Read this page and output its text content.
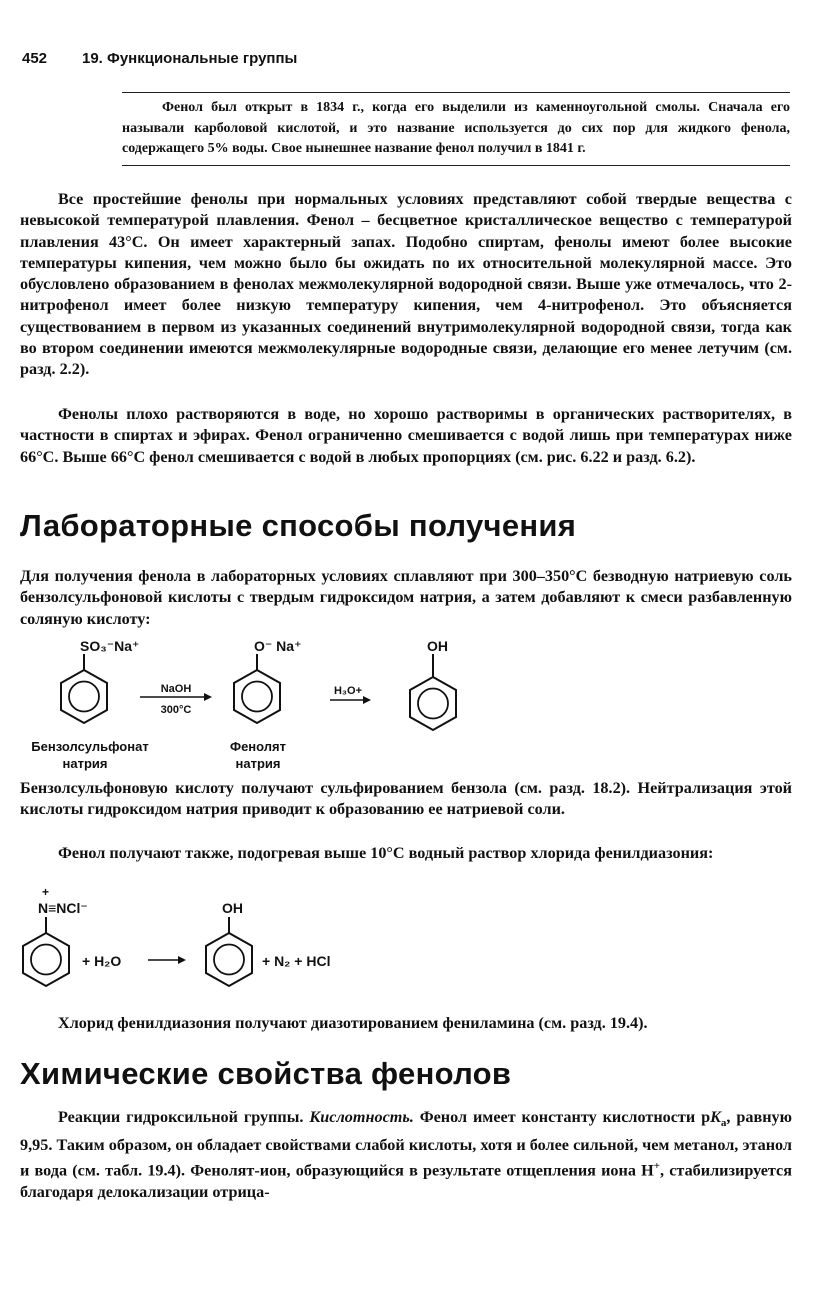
452 19. Функциональные группы

Фенол был открыт в 1834 г., когда его выделили из каменноугольной смолы. Сначала его называли карболовой кислотой, и это название используется до сих пор для жидкого фенола, содержащего 5% воды. Свое нынешнее название фенол получил в 1841 г.

Все простейшие фенолы при нормальных условиях представляют собой твердые вещества с невысокой температурой плавления. Фенол – бесцветное кристаллическое вещество с температурой плавления 43°С. Он имеет характерный запах. Подобно спиртам, фенолы имеют более высокие температуры кипения, чем можно было бы ожидать по их относительной молекулярной массе. Это обусловлено образованием в фенолах межмолекулярной водородной связи. Выше уже отмечалось, что 2-нитрофенол имеет более низкую температуру кипения, чем 4-нитрофенол. Это объясняется существованием в первом из указанных соединений внутримолекулярной водородной связи, тогда как во втором соединении имеются межмолекулярные водородные связи, делающие его менее летучим (см. разд. 2.2).
Фенолы плохо растворяются в воде, но хорошо растворимы в органических растворителях, в частности в спиртах и эфирах. Фенол ограниченно смешивается с водой лишь при температурах ниже 66°С. Выше 66°С фенол смешивается с водой в любых пропорциях (см. рис. 6.22 и разд. 6.2).
Лабораторные способы получения
Для получения фенола в лабораторных условиях сплавляют при 300–350°С безводную натриевую соль бензолсульфоновой кислоты с твердым гидроксидом натрия, а затем добавляют к смеси разбавленную соляную кислоту:
SO₃⁻Na⁺
NaOH
300°C
O⁻ Na⁺
H₃O+
OH
Бензолсульфонат
натрия
Фенолят
натрия
Бензолсульфоновую кислоту получают сульфированием бензола (см. разд. 18.2). Нейтрализация этой кислоты гидроксидом натрия приводит к образованию ее натриевой соли.
Фенол получают также, подогревая выше 10°С водный раствор хлорида фенилдиазония:
+
N≡NCl⁻
+ H₂O
OH
+ N₂ + HCl
Хлорид фенилдиазония получают диазотированием фениламина (см. разд. 19.4).
Химические свойства фенолов
Реакции гидроксильной группы. Кислотность. Фенол имеет константу кислотности $pK_a$, равную 9,95. Таким образом, он обладает свойствами слабой кислоты, хотя и более сильной, чем метанол, этанол и вода (см. табл. 19.4). Фенолят-ион, образующийся в результате отщепления иона H+, стабилизируется благодаря делокализации отрица-
